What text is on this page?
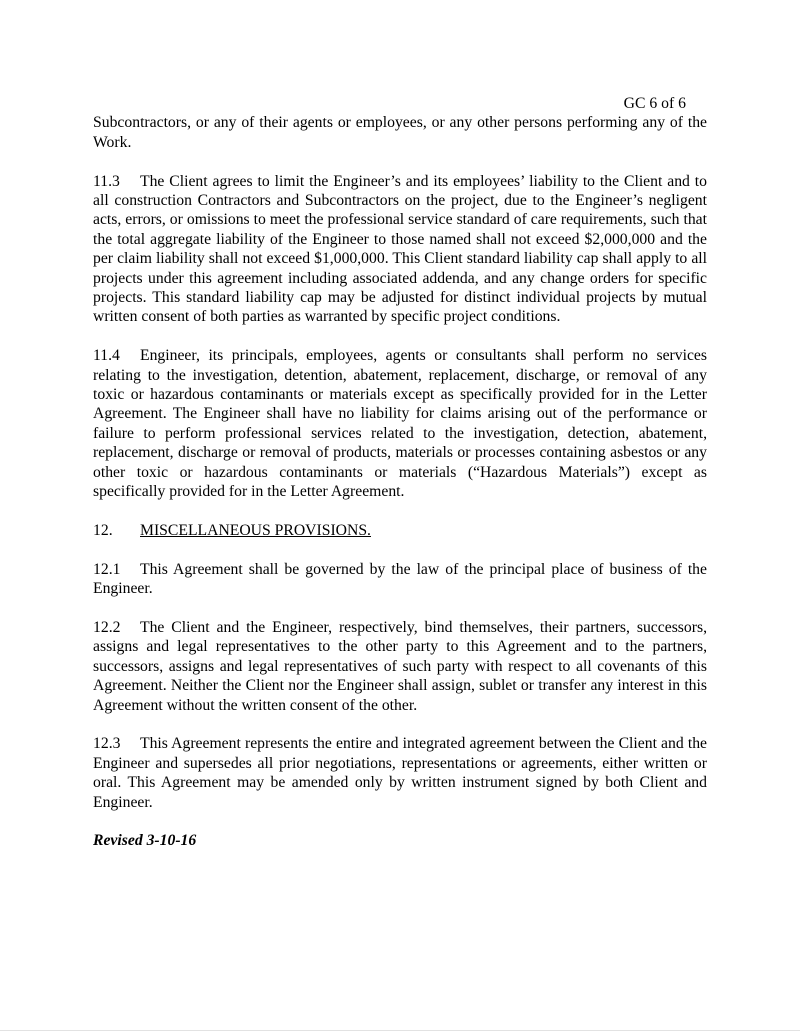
GC 6 of 6

Subcontractors, or any of their agents or employees, or any other persons performing any of the Work.

11.3 The Client agrees to limit the Engineer’s and its employees’ liability to the Client and to all construction Contractors and Subcontractors on the project, due to the Engineer’s negligent acts, errors, or omissions to meet the professional service standard of care requirements, such that the total aggregate liability of the Engineer to those named shall not exceed $2,000,000 and the per claim liability shall not exceed $1,000,000. This Client standard liability cap shall apply to all projects under this agreement including associated addenda, and any change orders for specific projects. This standard liability cap may be adjusted for distinct individual projects by mutual written consent of both parties as warranted by specific project conditions.

11.4 Engineer, its principals, employees, agents or consultants shall perform no services relating to the investigation, detention, abatement, replacement, discharge, or removal of any toxic or hazardous contaminants or materials except as specifically provided for in the Letter Agreement. The Engineer shall have no liability for claims arising out of the performance or failure to perform professional services related to the investigation, detection, abatement, replacement, discharge or removal of products, materials or processes containing asbestos or any other toxic or hazardous contaminants or materials (“Hazardous Materials”) except as specifically provided for in the Letter Agreement.

12. MISCELLANEOUS PROVISIONS.

12.1 This Agreement shall be governed by the law of the principal place of business of the Engineer.

12.2 The Client and the Engineer, respectively, bind themselves, their partners, successors, assigns and legal representatives to the other party to this Agreement and to the partners, successors, assigns and legal representatives of such party with respect to all covenants of this Agreement. Neither the Client nor the Engineer shall assign, sublet or transfer any interest in this Agreement without the written consent of the other.

12.3 This Agreement represents the entire and integrated agreement between the Client and the Engineer and supersedes all prior negotiations, representations or agreements, either written or oral. This Agreement may be amended only by written instrument signed by both Client and Engineer.

Revised 3-10-16
